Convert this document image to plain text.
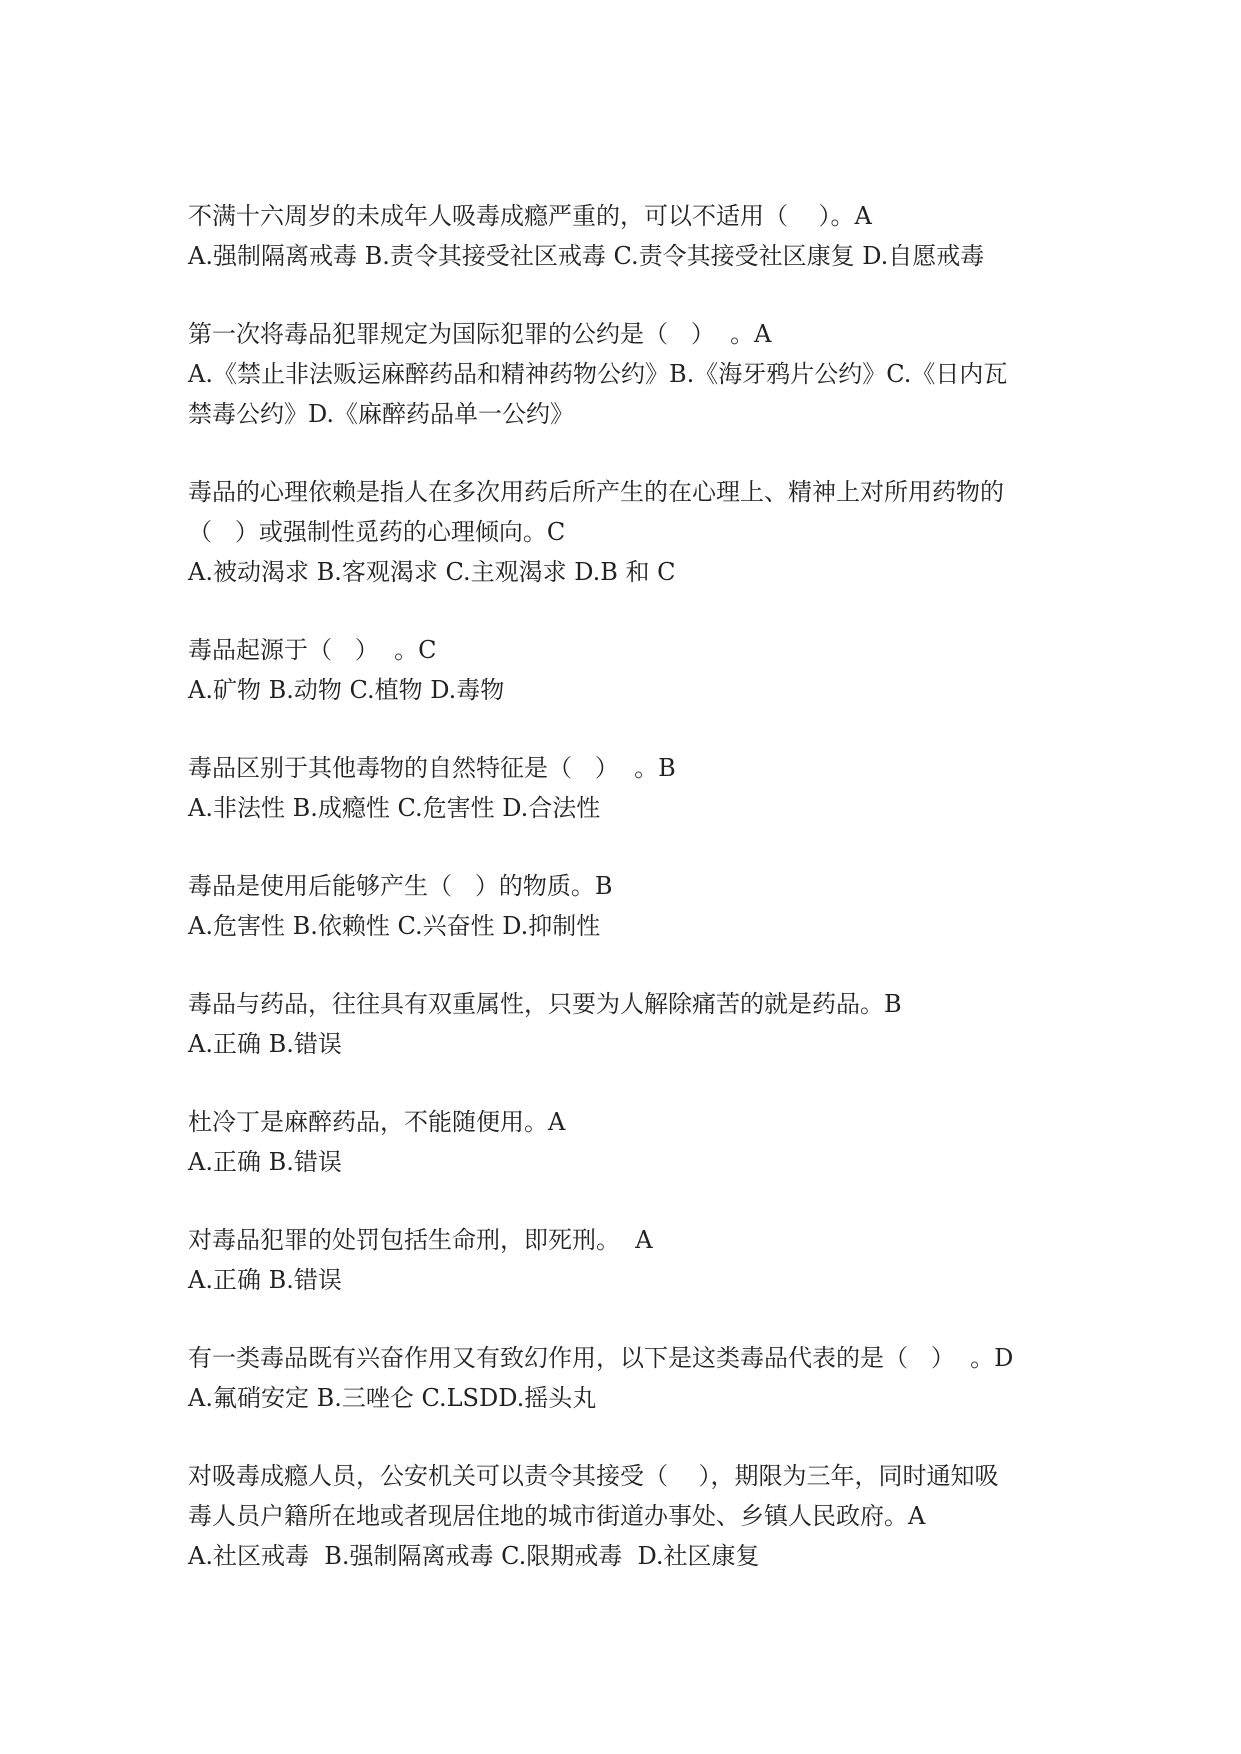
不满十六周岁的未成年人吸毒成瘾严重的，可以不适用（    ）。A

A.强制隔离戒毒 B.责令其接受社区戒毒 C.责令其接受社区康复 D.自愿戒毒

第一次将毒品犯罪规定为国际犯罪的公约是（   ）  。A

A.《禁止非法贩运麻醉药品和精神药物公约》B.《海牙鸦片公约》C.《日内瓦

禁毒公约》D.《麻醉药品单一公约》

毒品的心理依赖是指人在多次用药后所产生的在心理上、精神上对所用药物的

（   ）或强制性觅药的心理倾向。C

A.被动渴求 B.客观渴求 C.主观渴求 D.B 和 C

毒品起源于（   ）  。C

A.矿物 B.动物 C.植物 D.毒物

毒品区别于其他毒物的自然特征是（   ）  。B

A.非法性 B.成瘾性 C.危害性 D.合法性

毒品是使用后能够产生（   ）的物质。B

A.危害性 B.依赖性 C.兴奋性 D.抑制性

毒品与药品，往往具有双重属性，只要为人解除痛苦的就是药品。B

A.正确 B.错误

杜冷丁是麻醉药品，不能随便用。A

A.正确 B.错误

对毒品犯罪的处罚包括生命刑，即死刑。  A

A.正确 B.错误

有一类毒品既有兴奋作用又有致幻作用，以下是这类毒品代表的是（   ）  。D

A.氟硝安定 B.三唑仑 C.LSDD.摇头丸

对吸毒成瘾人员，公安机关可以责令其接受（    ），期限为三年，同时通知吸

毒人员户籍所在地或者现居住地的城市街道办事处、乡镇人民政府。A

A.社区戒毒  B.强制隔离戒毒 C.限期戒毒  D.社区康复
